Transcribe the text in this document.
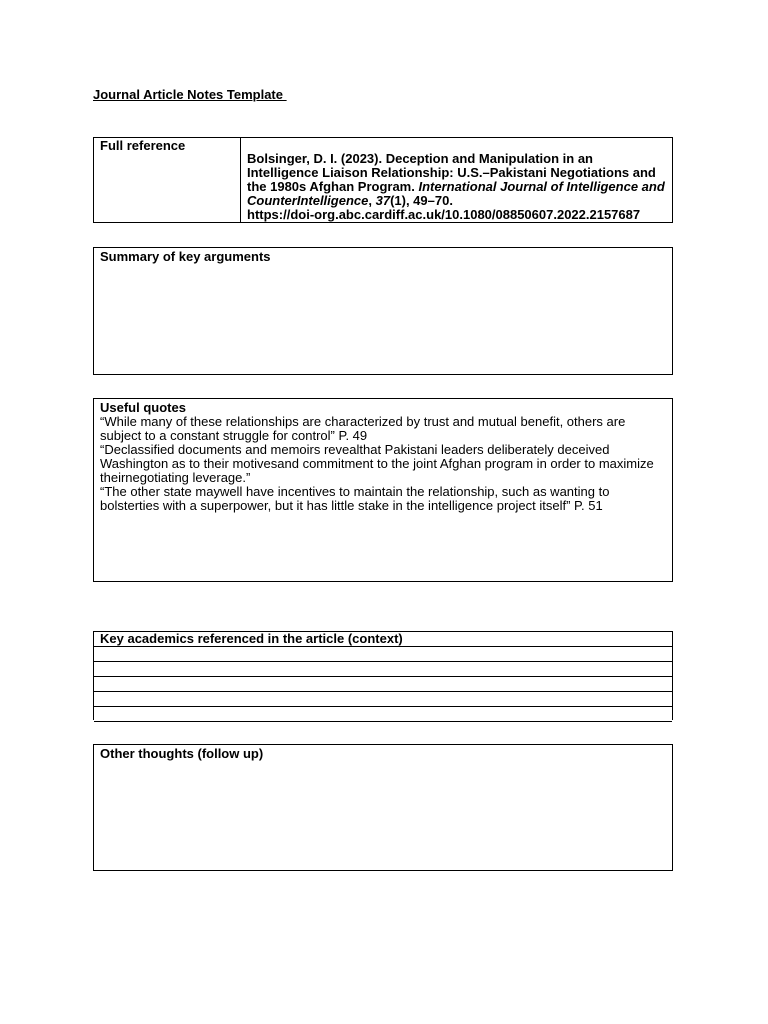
Journal Article Notes Template
Full reference
Bolsinger, D. I. (2023). Deception and Manipulation in an Intelligence Liaison Relationship: U.S.–Pakistani Negotiations and the 1980s Afghan Program. International Journal of Intelligence and CounterIntelligence, 37(1), 49–70.
https://doi-org.abc.cardiff.ac.uk/10.1080/08850607.2022.2157687
Summary of key arguments
Useful quotes
“While many of these relationships are characterized by trust and mutual benefit, others are subject to a constant struggle for control” P. 49
“Declassified documents and memoirs revealthat Pakistani leaders deliberately deceived Washington as to their motivesand commitment to the joint Afghan program in order to maximize theirnegotiating leverage.”
“The other state maywell have incentives to maintain the relationship, such as wanting to bolsterties with a superpower, but it has little stake in the intelligence project itself” P. 51
Key academics referenced in the article (context)
Other thoughts (follow up)
